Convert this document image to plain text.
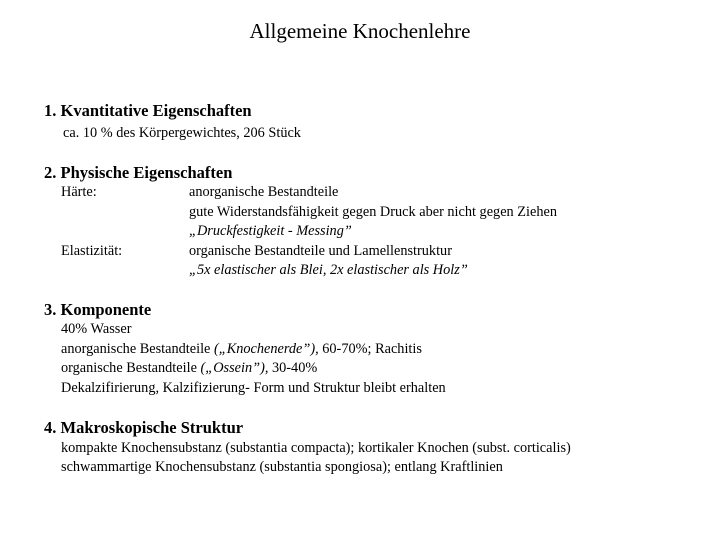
Allgemeine Knochenlehre
1. Kvantitative Eigenschaften
ca. 10 % des Körpergewichtes, 206 Stück
2. Physische Eigenschaften
Härte:	anorganische Bestandteile
gute Widerstandsfähigkeit gegen Druck aber nicht gegen Ziehen
„Druckfestigkeit - Messing”
Elastizität:	organische Bestandteile und Lamellenstruktur
„5x elastischer als Blei, 2x elastischer als Holz”
3. Komponente
40% Wasser
anorganische Bestandteile („Knochenerde”), 60-70%; Rachitis
organische Bestandteile („Ossein”), 30-40%
Dekalzifirierung, Kalzifizierung- Form und Struktur bleibt erhalten
4. Makroskopische Struktur
kompakte Knochensubstanz (substantia compacta); kortikaler Knochen (subst. corticalis)
schwammartige Knochensubstanz (substantia spongiosa); entlang Kraftlinien
